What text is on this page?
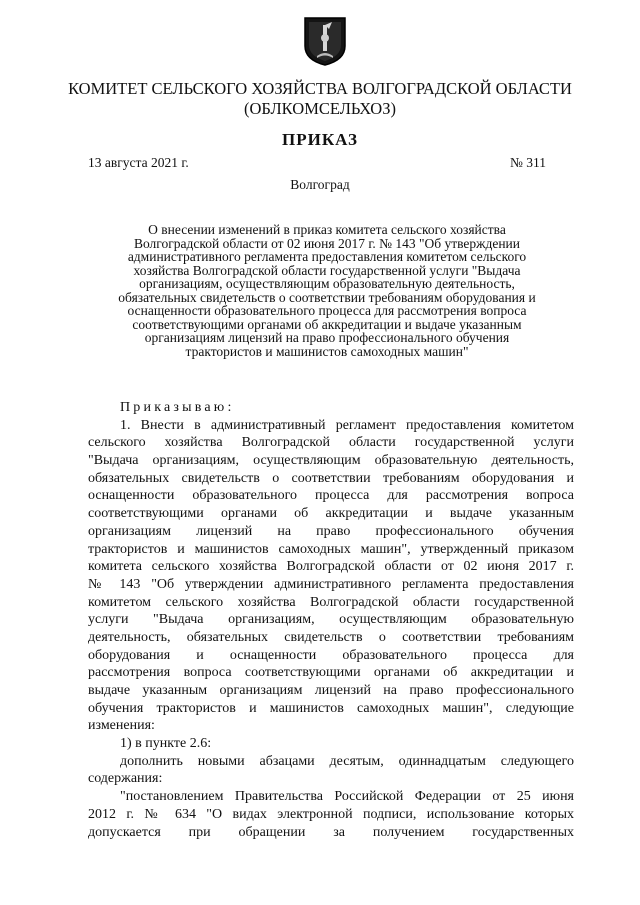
КОМИТЕТ СЕЛЬСКОГО ХОЗЯЙСТВА ВОЛГОГРАДСКОЙ ОБЛАСТИ
(ОБЛКОМСЕЛЬХОЗ)
ПРИКАЗ
13 августа 2021 г.	№ 311
Волгоград
О внесении изменений в приказ комитета сельского хозяйства
Волгоградской области от 02 июня 2017 г. № 143 "Об утверждении
административного регламента предоставления комитетом сельского
хозяйства Волгоградской области государственной услуги "Выдача
организациям, осуществляющим образовательную деятельность,
обязательных свидетельств о соответствии требованиям оборудования и
оснащенности образовательного процесса для рассмотрения вопроса
соответствующими органами об аккредитации и выдаче указанным
организациям лицензий на право профессионального обучения
трактористов и машинистов самоходных машин"
Приказываю:
1. Внести в административный регламент предоставления комитетом
сельского хозяйства Волгоградской области государственной услуги
"Выдача организациям, осуществляющим образовательную деятельность,
обязательных свидетельств о соответствии требованиям оборудования и
оснащенности образовательного процесса для рассмотрения вопроса
соответствующими органами об аккредитации и выдаче указанным
организациям лицензий на право профессионального обучения
трактористов и машинистов самоходных машин", утвержденный приказом
комитета сельского хозяйства Волгоградской области от 02 июня 2017 г.
№ 143 "Об утверждении административного регламента предоставления
комитетом сельского хозяйства Волгоградской области государственной
услуги "Выдача организациям, осуществляющим образовательную
деятельность, обязательных свидетельств о соответствии требованиям
оборудования и оснащенности образовательного процесса для
рассмотрения вопроса соответствующими органами об аккредитации и
выдаче указанным организациям лицензий на право профессионального
обучения трактористов и машинистов самоходных машин", следующие
изменения:
1) в пункте 2.6:
дополнить новыми абзацами десятым, одиннадцатым следующего
содержания:
"постановлением Правительства Российской Федерации от 25 июня
2012 г. № 634 "О видах электронной подписи, использование которых
допускается при обращении за получением государственных
